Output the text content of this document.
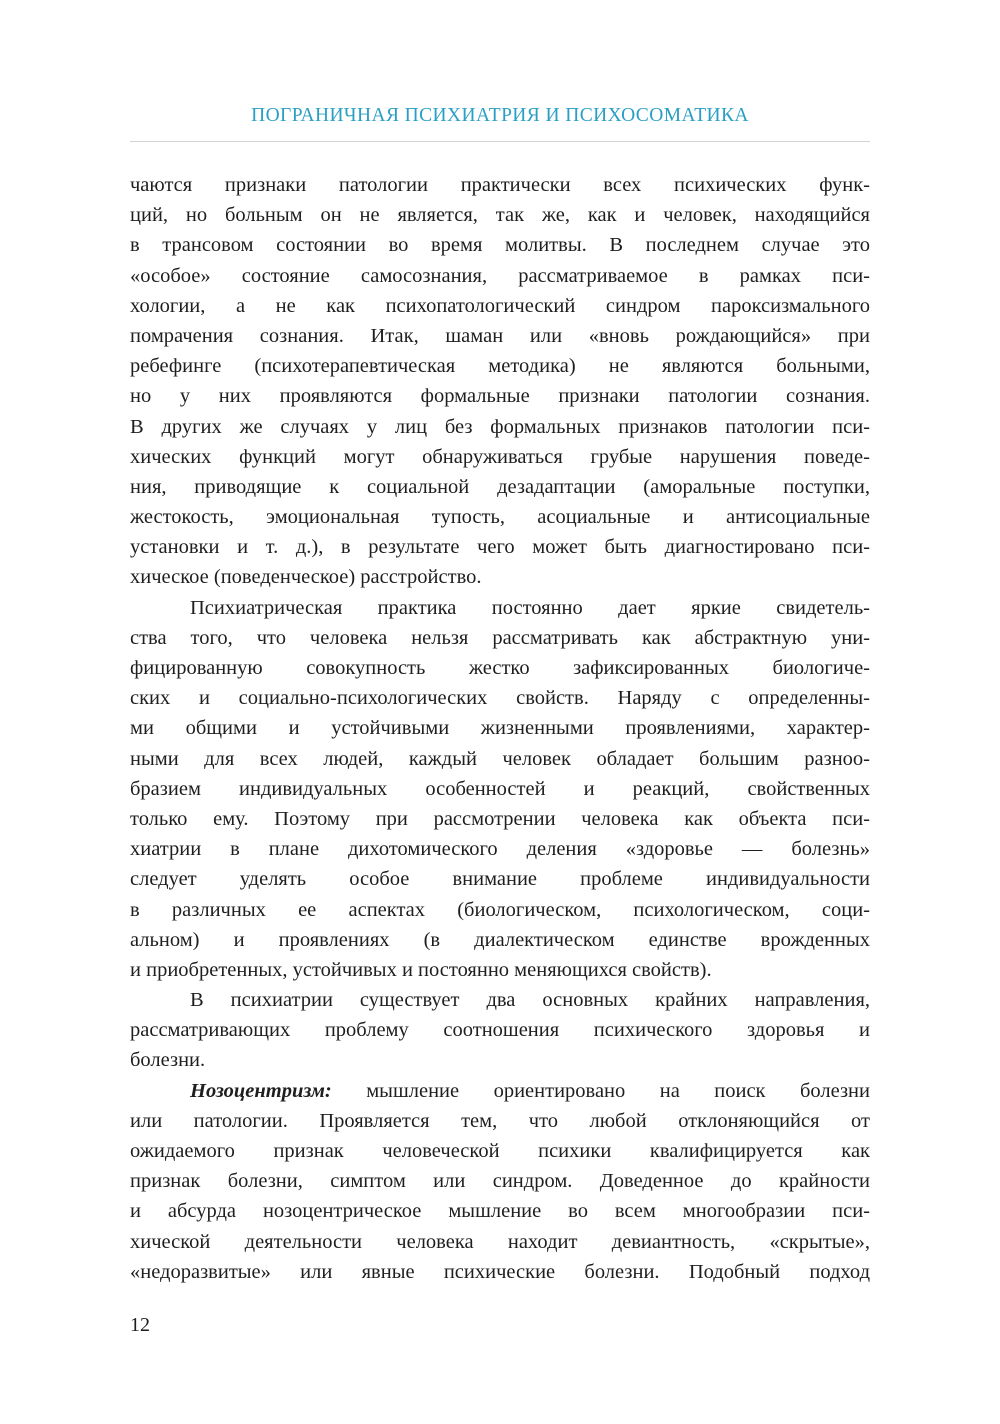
ПОГРАНИЧНАЯ ПСИХИАТРИЯ И ПСИХОСОМАТИКА
чаются признаки патологии практически всех психических функ-
ций, но больным он не является, так же, как и человек, находящийся
в трансовом состоянии во время молитвы. В последнем случае это
«особое» состояние самосознания, рассматриваемое в рамках пси-
хологии, а не как психопатологический синдром пароксизмального
помрачения сознания. Итак, шаман или «вновь рождающийся» при
ребефинге (психотерапевтическая методика) не являются больными,
но у них проявляются формальные признаки патологии сознания.
В других же случаях у лиц без формальных признаков патологии пси-
хических функций могут обнаруживаться грубые нарушения поведе-
ния, приводящие к социальной дезадаптации (аморальные поступки,
жестокость, эмоциональная тупость, асоциальные и антисоциальные
установки и т. д.), в результате чего может быть диагностировано пси-
хическое (поведенческое) расстройство.
Психиатрическая практика постоянно дает яркие свидетель-
ства того, что человека нельзя рассматривать как абстрактную уни-
фицированную совокупность жестко зафиксированных биологиче-
ских и социально-психологических свойств. Наряду с определенны-
ми общими и устойчивыми жизненными проявлениями, характер-
ными для всех людей, каждый человек обладает большим разноо-
бразием индивидуальных особенностей и реакций, свойственных
только ему. Поэтому при рассмотрении человека как объекта пси-
хиатрии в плане дихотомического деления «здоровье — болезнь»
следует уделять особое внимание проблеме индивидуальности
в различных ее аспектах (биологическом, психологическом, соци-
альном) и проявлениях (в диалектическом единстве врожденных
и приобретенных, устойчивых и постоянно меняющихся свойств).
В психиатрии существует два основных крайних направления,
рассматривающих проблему соотношения психического здоровья и
болезни.
Нозоцентризм: мышление ориентировано на поиск болезни
или патологии. Проявляется тем, что любой отклоняющийся от
ожидаемого признак человеческой психики квалифицируется как
признак болезни, симптом или синдром. Доведенное до крайности
и абсурда нозоцентрическое мышление во всем многообразии пси-
хической деятельности человека находит девиантность, «скрытые»,
«недоразвитые» или явные психические болезни. Подобный подход
12
